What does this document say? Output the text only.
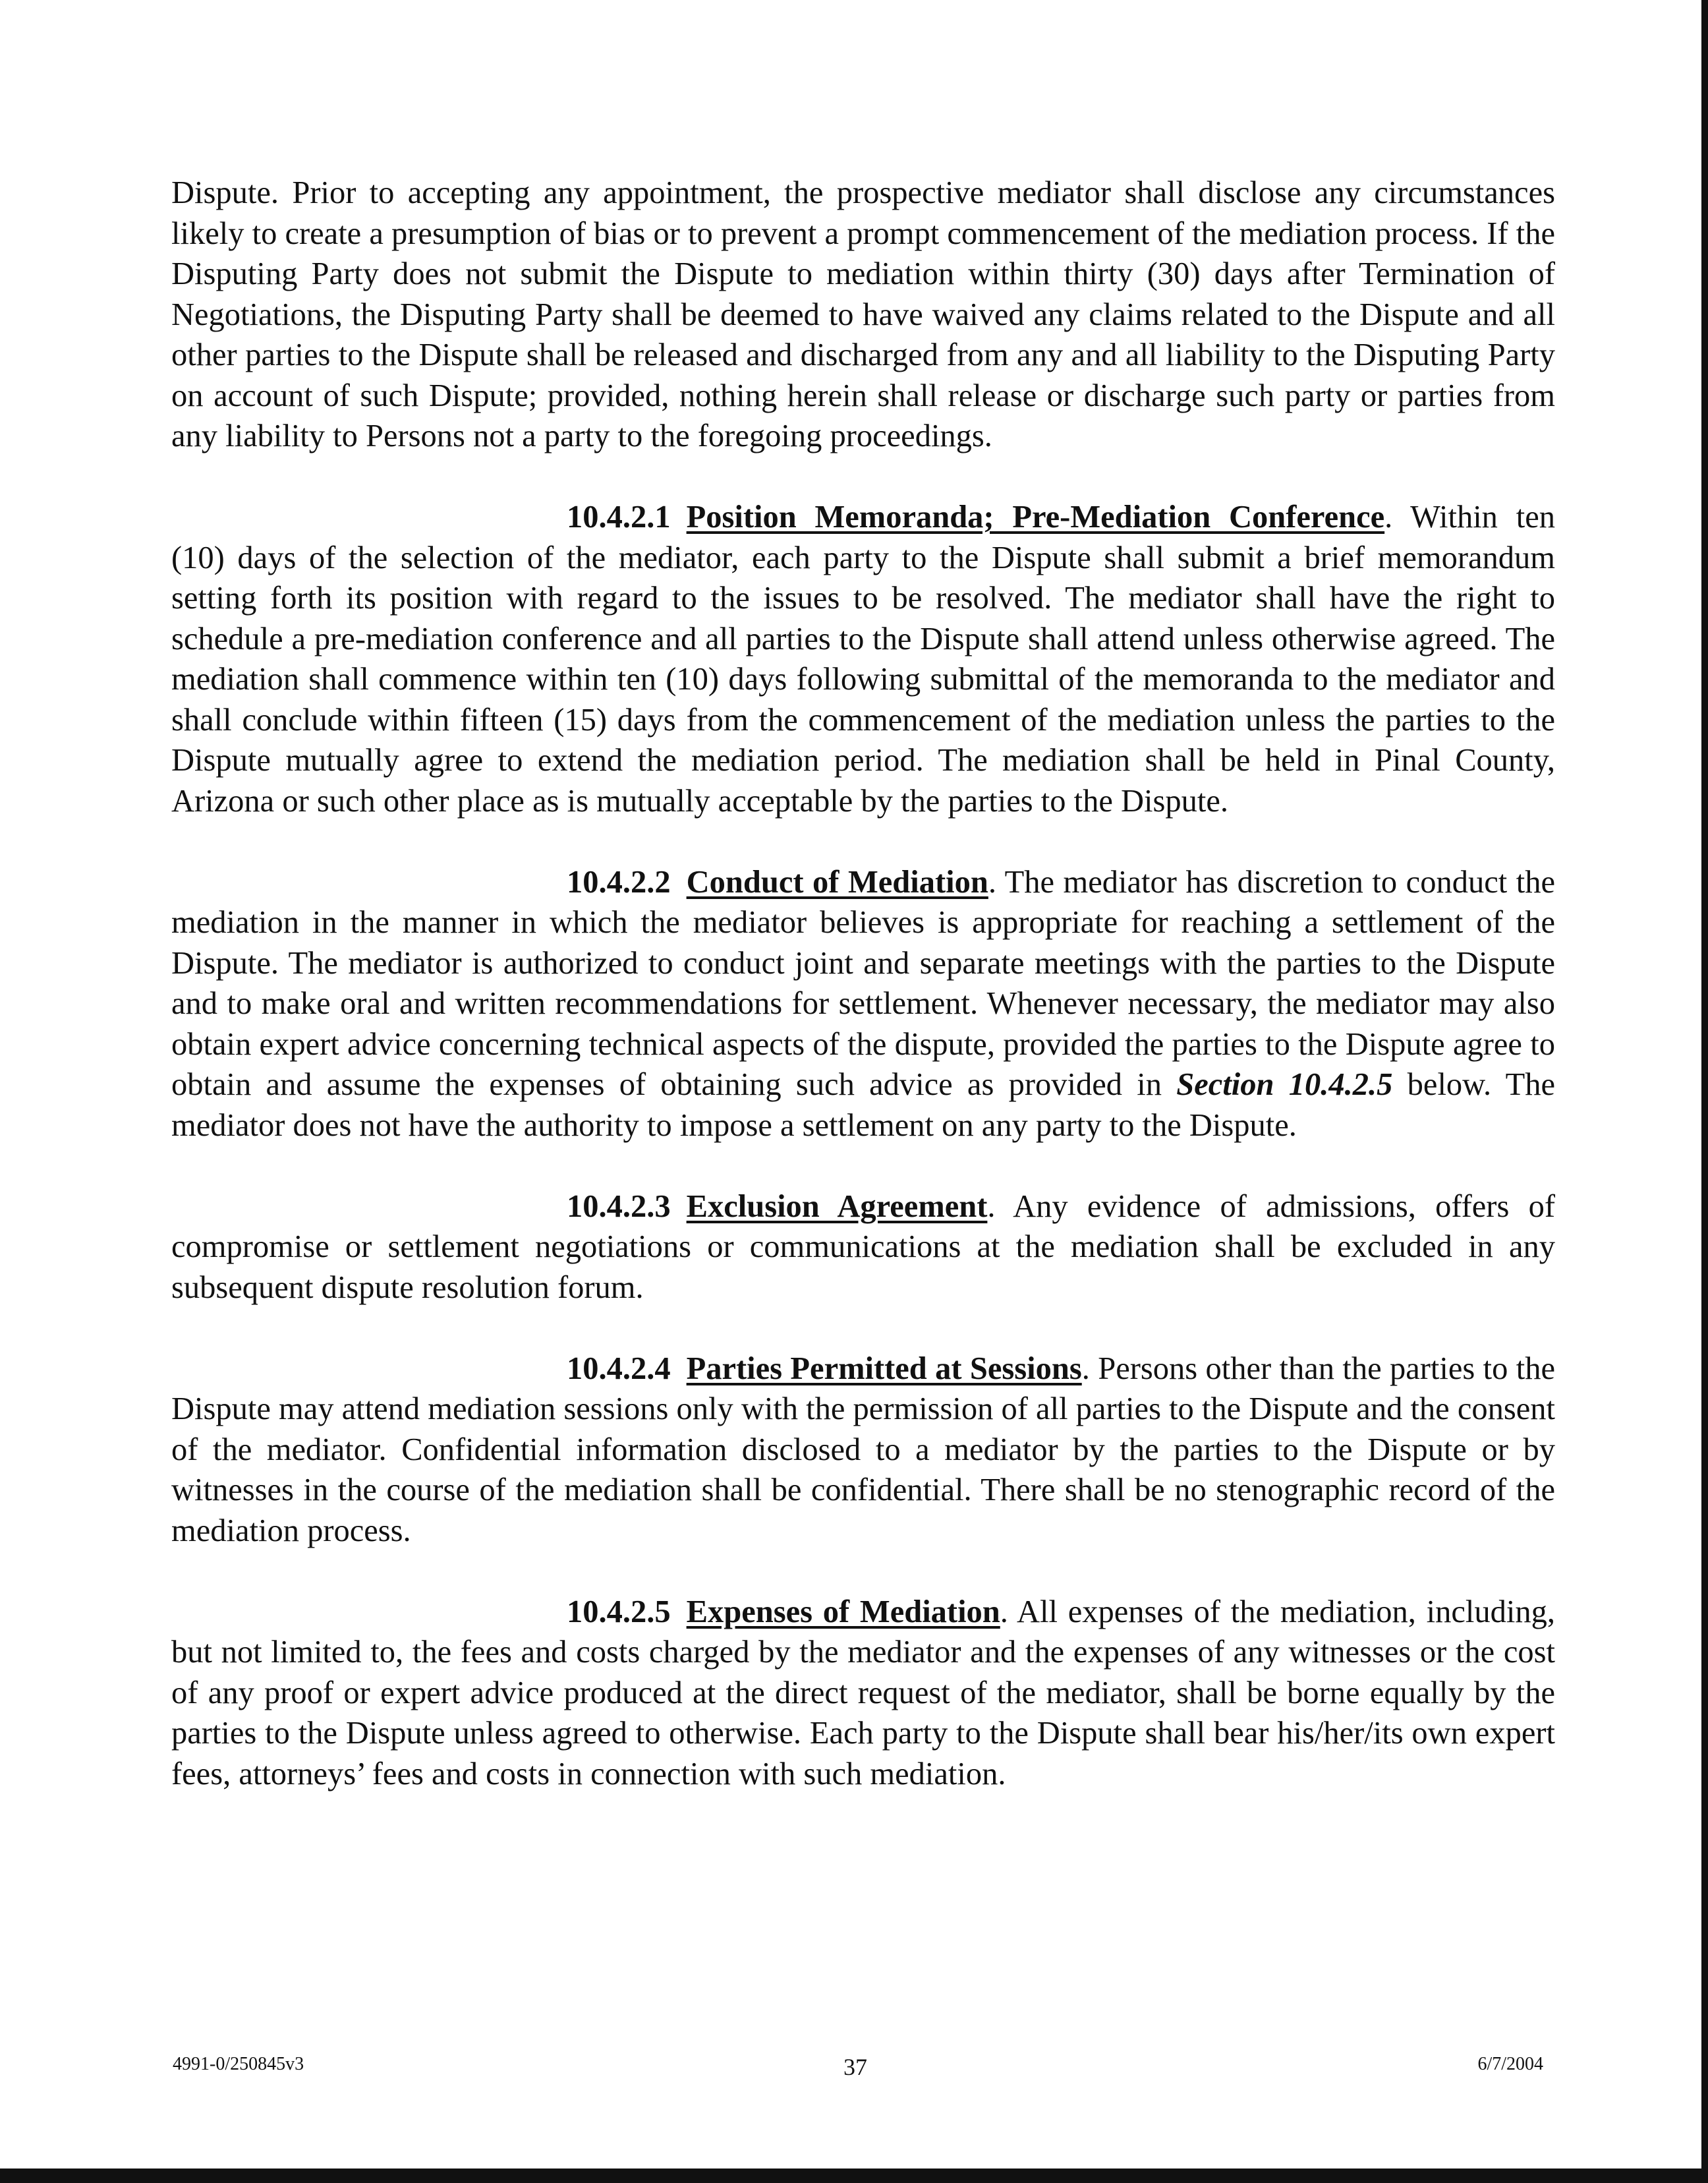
Dispute. Prior to accepting any appointment, the prospective mediator shall disclose any circumstances likely to create a presumption of bias or to prevent a prompt commencement of the mediation process. If the Disputing Party does not submit the Dispute to mediation within thirty (30) days after Termination of Negotiations, the Disputing Party shall be deemed to have waived any claims related to the Dispute and all other parties to the Dispute shall be released and discharged from any and all liability to the Disputing Party on account of such Dispute; provided, nothing herein shall release or discharge such party or parties from any liability to Persons not a party to the foregoing proceedings.

10.4.2.1 Position Memoranda; Pre-Mediation Conference. Within ten (10) days of the selection of the mediator, each party to the Dispute shall submit a brief memorandum setting forth its position with regard to the issues to be resolved. The mediator shall have the right to schedule a pre-mediation conference and all parties to the Dispute shall attend unless otherwise agreed. The mediation shall commence within ten (10) days following submittal of the memoranda to the mediator and shall conclude within fifteen (15) days from the commencement of the mediation unless the parties to the Dispute mutually agree to extend the mediation period. The mediation shall be held in Pinal County, Arizona or such other place as is mutually acceptable by the parties to the Dispute.

10.4.2.2 Conduct of Mediation. The mediator has discretion to conduct the mediation in the manner in which the mediator believes is appropriate for reaching a settlement of the Dispute. The mediator is authorized to conduct joint and separate meetings with the parties to the Dispute and to make oral and written recommendations for settlement. Whenever necessary, the mediator may also obtain expert advice concerning technical aspects of the dispute, provided the parties to the Dispute agree to obtain and assume the expenses of obtaining such advice as provided in Section 10.4.2.5 below. The mediator does not have the authority to impose a settlement on any party to the Dispute.

10.4.2.3 Exclusion Agreement. Any evidence of admissions, offers of compromise or settlement negotiations or communications at the mediation shall be excluded in any subsequent dispute resolution forum.

10.4.2.4 Parties Permitted at Sessions. Persons other than the parties to the Dispute may attend mediation sessions only with the permission of all parties to the Dispute and the consent of the mediator. Confidential information disclosed to a mediator by the parties to the Dispute or by witnesses in the course of the mediation shall be confidential. There shall be no stenographic record of the mediation process.

10.4.2.5 Expenses of Mediation. All expenses of the mediation, including, but not limited to, the fees and costs charged by the mediator and the expenses of any witnesses or the cost of any proof or expert advice produced at the direct request of the mediator, shall be borne equally by the parties to the Dispute unless agreed to otherwise. Each party to the Dispute shall bear his/her/its own expert fees, attorneys’ fees and costs in connection with such mediation.

4991-0/250845v3	37	6/7/2004
